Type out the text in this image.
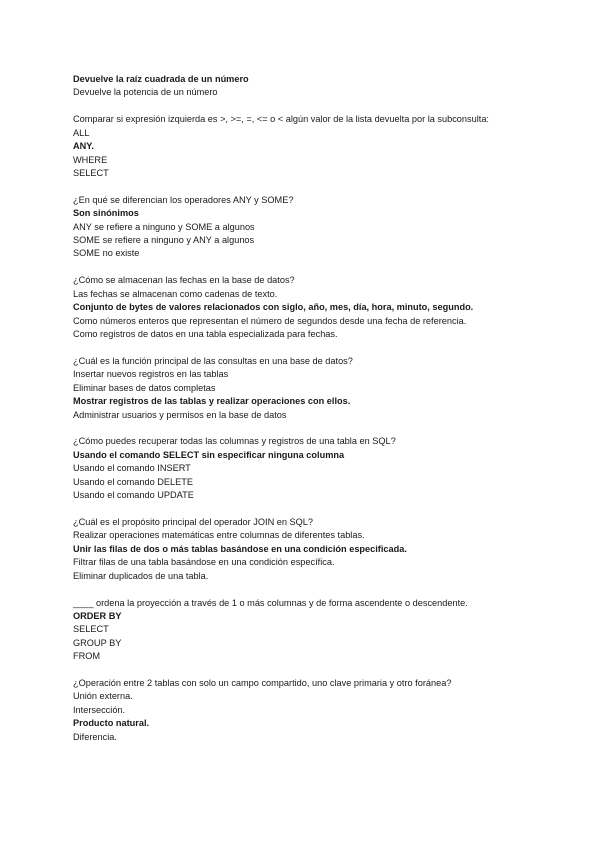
Devuelve la raíz cuadrada de un número
Devuelve la potencia de un número
Comparar si expresión izquierda es >, >=, =, <= o < algún valor de la lista devuelta por la subconsulta:
ALL
ANY.
WHERE
SELECT
¿En qué se diferencian los operadores ANY y SOME?
Son sinónimos
ANY se refiere a ninguno y SOME a algunos
SOME se refiere a ninguno y ANY a algunos
SOME no existe
¿Cómo se almacenan las fechas en la base de datos?
Las fechas se almacenan como cadenas de texto.
Conjunto de bytes de valores relacionados con siglo, año, mes, día, hora, minuto, segundo.
Como números enteros que representan el número de segundos desde una fecha de referencia.
Como registros de datos en una tabla especializada para fechas.
¿Cuál es la función principal de las consultas en una base de datos?
Insertar nuevos registros en las tablas
Eliminar bases de datos completas
Mostrar registros de las tablas y realizar operaciones con ellos.
Administrar usuarios y permisos en la base de datos
¿Cómo puedes recuperar todas las columnas y registros de una tabla en SQL?
Usando el comando SELECT sin especificar ninguna columna
Usando el comando INSERT
Usando el comando DELETE
Usando el comando UPDATE
¿Cuál es el propósito principal del operador JOIN en SQL?
Realizar operaciones matemáticas entre columnas de diferentes tablas.
Unir las filas de dos o más tablas basándose en una condición especificada.
Filtrar filas de una tabla basándose en una condición específica.
Eliminar duplicados de una tabla.
____ ordena la proyección a través de 1 o más columnas y de forma ascendente o descendente.
ORDER BY
SELECT
GROUP BY
FROM
¿Operación entre 2 tablas con solo un campo compartido, uno clave primaria y otro foránea?
Unión externa.
Intersección.
Producto natural.
Diferencia.
